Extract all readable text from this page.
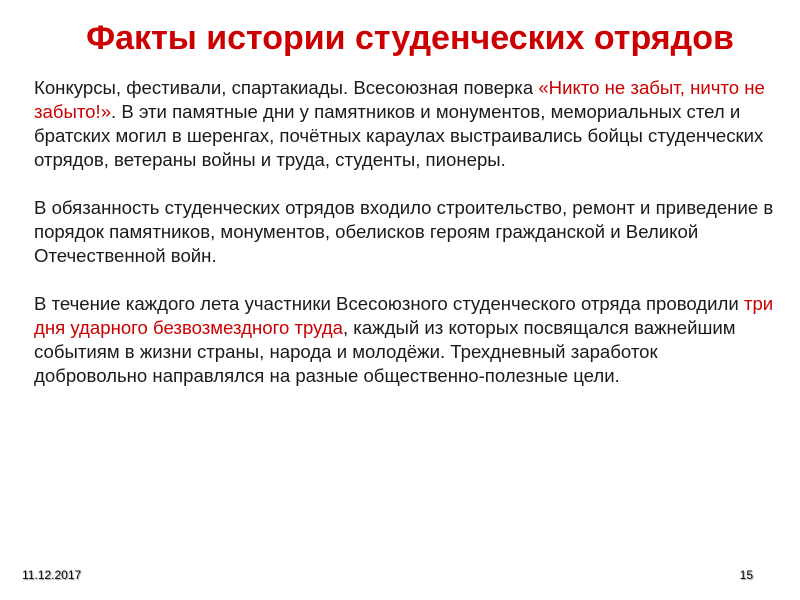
Факты истории студенческих отрядов

Конкурсы, фестивали, спартакиады. Всесоюзная поверка «Никто не забыт, ничто не забыто!». В эти памятные дни у памятников и монументов, мемориальных стел и братских могил в шеренгах, почётных караулах выстраивались бойцы студенческих отрядов, ветераны войны и труда, студенты, пионеры.

В обязанность студенческих отрядов входило строительство, ремонт и приведение в порядок памятников, монументов, обелисков героям гражданской и Великой Отечественной войн.

В течение каждого лета участники Всесоюзного студенческого отряда проводили три дня ударного безвозмездного труда, каждый из которых посвящался важнейшим событиям в жизни страны, народа и молодёжи. Трехдневный заработок добровольно направлялся на разные общественно-полезные цели.

11.12.2017	15
